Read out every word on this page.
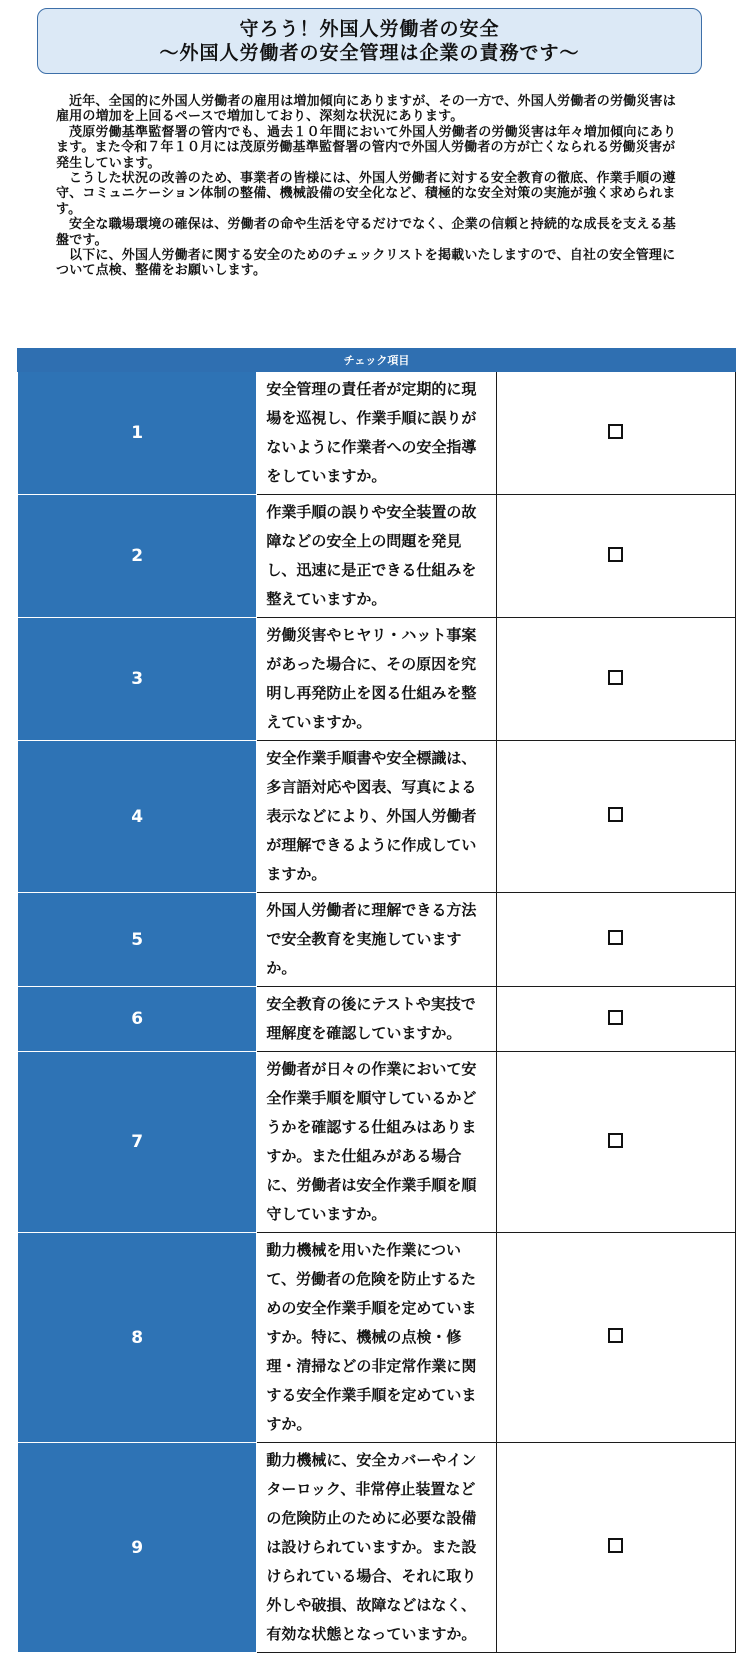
守ろう！外国人労働者の安全
～外国人労働者の安全管理は企業の責務です～

近年、全国的に外国人労働者の雇用は増加傾向にありますが、その一方で、外国人労働者の労働災害は雇用の増加を上回るペースで増加しており、深刻な状況にあります。

茂原労働基準監督署の管内でも、過去１０年間において外国人労働者の労働災害は年々増加傾向にあります。また令和７年１０月には茂原労働基準監督署の管内で外国人労働者の方が亡くなられる労働災害が発生しています。

こうした状況の改善のため、事業者の皆様には、外国人労働者に対する安全教育の徹底、作業手順の遵守、コミュニケーション体制の整備、機械設備の安全化など、積極的な安全対策の実施が強く求められます。

安全な職場環境の確保は、労働者の命や生活を守るだけでなく、企業の信頼と持続的な成長を支える基盤です。

以下に、外国人労働者に関する安全のためのチェックリストを掲載いたしますので、自社の安全管理について点検、整備をお願いします。

チェック項目		
1	安全管理の責任者が定期的に現場を巡視し、作業手順に誤りがないように作業者への安全指導をしていますか。	
2	作業手順の誤りや安全装置の故障などの安全上の問題を発見し、迅速に是正できる仕組みを整えていますか。	
3	労働災害やヒヤリ・ハット事案があった場合に、その原因を究明し再発防止を図る仕組みを整えていますか。	
4	安全作業手順書や安全標識は、多言語対応や図表、写真による表示などにより、外国人労働者が理解できるように作成していますか。	
5	外国人労働者に理解できる方法で安全教育を実施していますか。	
6	安全教育の後にテストや実技で理解度を確認していますか。	
7	労働者が日々の作業において安全作業手順を順守しているかどうかを確認する仕組みはありますか。また仕組みがある場合に、労働者は安全作業手順を順守していますか。	
8	動力機械を用いた作業について、労働者の危険を防止するための安全作業手順を定めていますか。特に、機械の点検・修理・清掃などの非定常作業に関する安全作業手順を定めていますか。	
9	動力機械に、安全カバーやインターロック、非常停止装置などの危険防止のために必要な設備は設けられていますか。また設けられている場合、それに取り外しや破損、故障などはなく、有効な状態となっていますか。	
